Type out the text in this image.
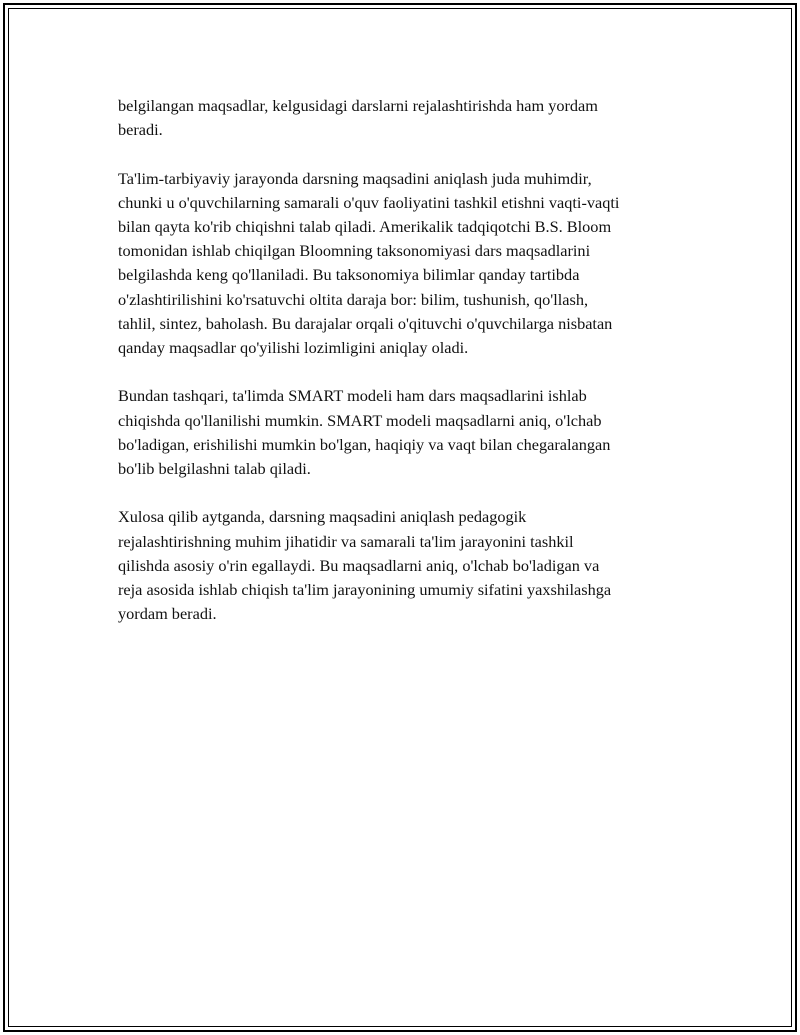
belgilangan maqsadlar, kelgusidagi darslarni rejalashtirishda ham yordam
beradi.

Ta'lim-tarbiyaviy jarayonda darsning maqsadini aniqlash juda muhimdir,
chunki u o'quvchilarning samarali o'quv faoliyatini tashkil etishni vaqti-vaqti
bilan qayta ko'rib chiqishni talab qiladi. Amerikalik tadqiqotchi B.S. Bloom
tomonidan ishlab chiqilgan Bloomning taksonomiyasi dars maqsadlarini
belgilashda keng qo'llaniladi. Bu taksonomiya bilimlar qanday tartibda
o'zlashtirilishini ko'rsatuvchi oltita daraja bor: bilim, tushunish, qo'llash,
tahlil, sintez, baholash. Bu darajalar orqali o'qituvchi o'quvchilarga nisbatan
qanday maqsadlar qo'yilishi lozimligini aniqlay oladi.

Bundan tashqari, ta'limda SMART modeli ham dars maqsadlarini ishlab
chiqishda qo'llanilishi mumkin. SMART modeli maqsadlarni aniq, o'lchab
bo'ladigan, erishilishi mumkin bo'lgan, haqiqiy va vaqt bilan chegaralangan
bo'lib belgilashni talab qiladi.

Xulosa qilib aytganda, darsning maqsadini aniqlash pedagogik
rejalashtirishning muhim jihatidir va samarali ta'lim jarayonini tashkil
qilishda asosiy o'rin egallaydi. Bu maqsadlarni aniq, o'lchab bo'ladigan va
reja asosida ishlab chiqish ta'lim jarayonining umumiy sifatini yaxshilashga
yordam beradi.
